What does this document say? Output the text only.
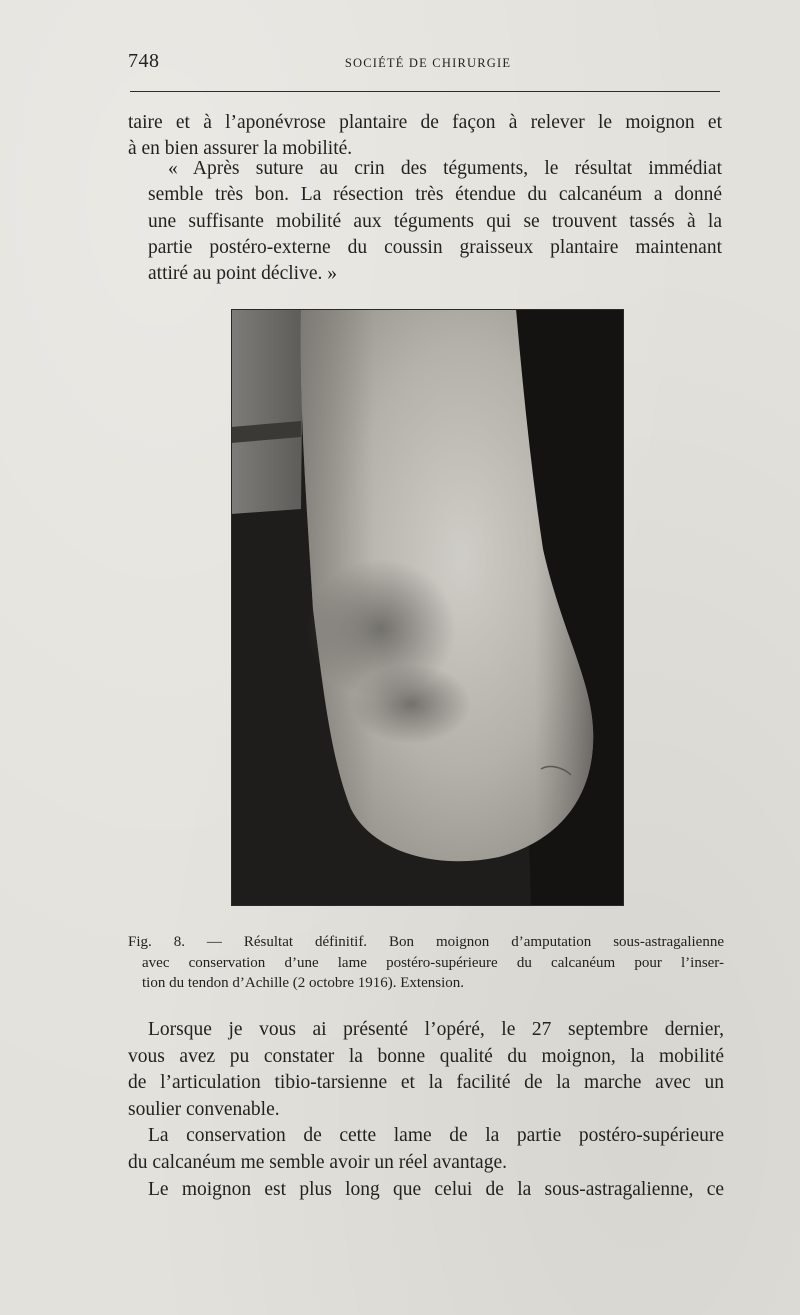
748	SOCIÉTÉ DE CHIRURGIE

taire et à l’aponévrose plantaire de façon à relever le moignon et
à en bien assurer la mobilité.

« Après suture au crin des téguments, le résultat immédiat
semble très bon. La résection très étendue du calcanéum a donné
une suffisante mobilité aux téguments qui se trouvent tassés à la
partie postéro-externe du coussin graisseux plantaire maintenant
attiré au point déclive. »

Fig. 8. — Résultat définitif. Bon moignon d’amputation sous-astragalienne
avec conservation d’une lame postéro-supérieure du calcanéum pour l’inser-
tion du tendon d’Achille (2 octobre 1916). Extension.

Lorsque je vous ai présenté l’opéré, le 27 septembre dernier,
vous avez pu constater la bonne qualité du moignon, la mobilité
de l’articulation tibio-tarsienne et la facilité de la marche avec un
soulier convenable.
La conservation de cette lame de la partie postéro-supérieure
du calcanéum me semble avoir un réel avantage.
Le moignon est plus long que celui de la sous-astragalienne, ce
